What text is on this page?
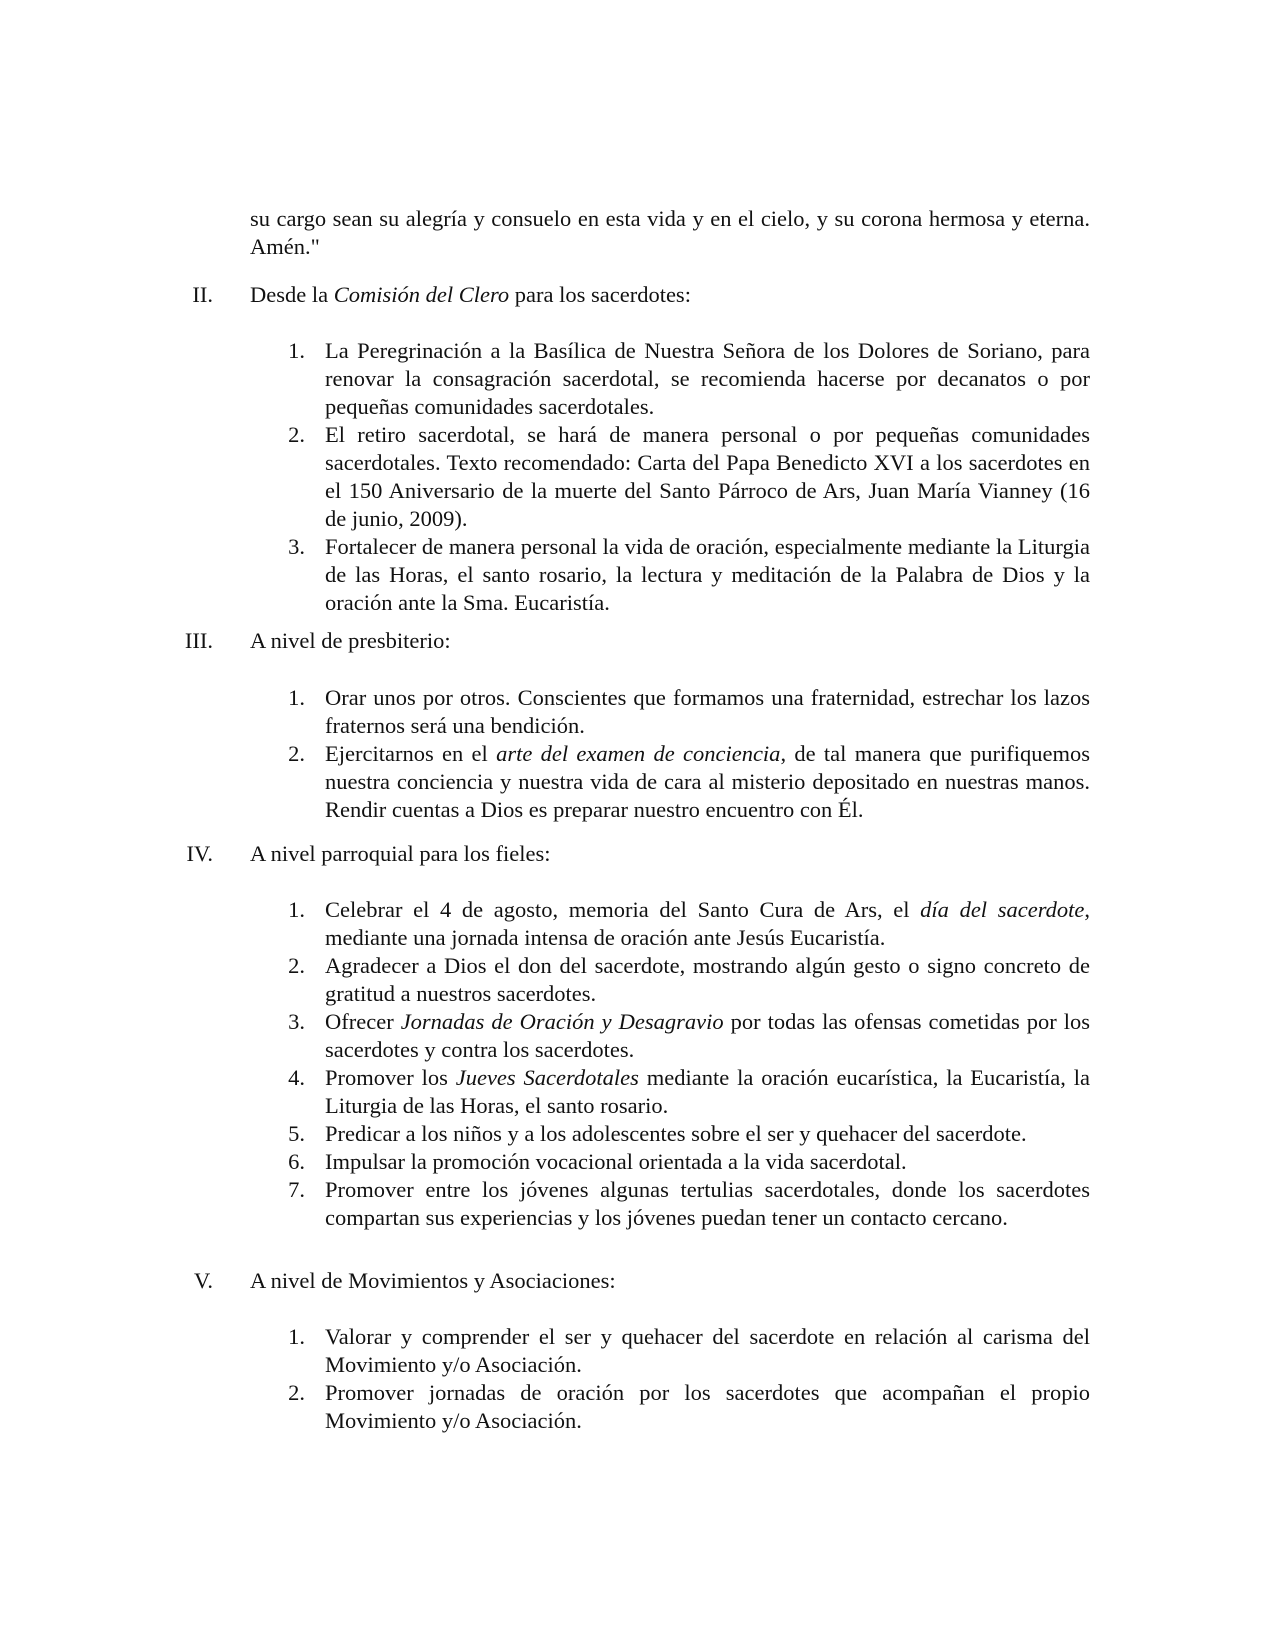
su cargo sean su alegría y consuelo en esta vida y en el cielo, y su corona hermosa y eterna. Amén."
II. Desde la Comisión del Clero para los sacerdotes:
1. La Peregrinación a la Basílica de Nuestra Señora de los Dolores de Soriano, para renovar la consagración sacerdotal, se recomienda hacerse por decanatos o por pequeñas comunidades sacerdotales.
2. El retiro sacerdotal, se hará de manera personal o por pequeñas comunidades sacerdotales. Texto recomendado: Carta del Papa Benedicto XVI a los sacerdotes en el 150 Aniversario de la muerte del Santo Párroco de Ars, Juan María Vianney (16 de junio, 2009).
3. Fortalecer de manera personal la vida de oración, especialmente mediante la Liturgia de las Horas, el santo rosario, la lectura y meditación de la Palabra de Dios y la oración ante la Sma. Eucaristía.
III. A nivel de presbiterio:
1. Orar unos por otros. Conscientes que formamos una fraternidad, estrechar los lazos fraternos será una bendición.
2. Ejercitarnos en el arte del examen de conciencia, de tal manera que purifiquemos nuestra conciencia y nuestra vida de cara al misterio depositado en nuestras manos. Rendir cuentas a Dios es preparar nuestro encuentro con Él.
IV. A nivel parroquial para los fieles:
1. Celebrar el 4 de agosto, memoria del Santo Cura de Ars, el día del sacerdote, mediante una jornada intensa de oración ante Jesús Eucaristía.
2. Agradecer a Dios el don del sacerdote, mostrando algún gesto o signo concreto de gratitud a nuestros sacerdotes.
3. Ofrecer Jornadas de Oración y Desagravio por todas las ofensas cometidas por los sacerdotes y contra los sacerdotes.
4. Promover los Jueves Sacerdotales mediante la oración eucarística, la Eucaristía, la Liturgia de las Horas, el santo rosario.
5. Predicar a los niños y a los adolescentes sobre el ser y quehacer del sacerdote.
6. Impulsar la promoción vocacional orientada a la vida sacerdotal.
7. Promover entre los jóvenes algunas tertulias sacerdotales, donde los sacerdotes compartan sus experiencias y los jóvenes puedan tener un contacto cercano.
V. A nivel de Movimientos y Asociaciones:
1. Valorar y comprender el ser y quehacer del sacerdote en relación al carisma del Movimiento y/o Asociación.
2. Promover jornadas de oración por los sacerdotes que acompañan el propio Movimiento y/o Asociación.
